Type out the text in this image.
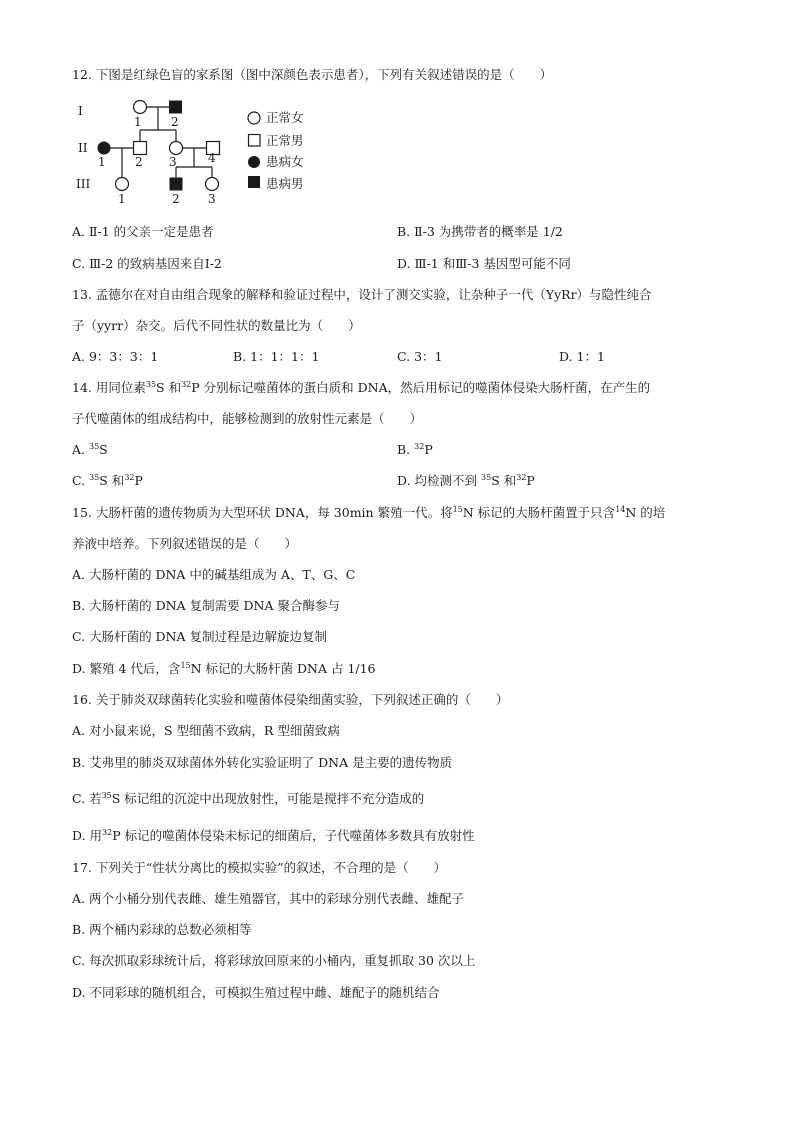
12. 下图是红绿色盲的家系图（图中深颜色表示患者），下列有关叙述错误的是（　　）
I
II
III
1 2
1 2 3	4
1	2 3
正常女
正常男
患病女
患病男
A. Ⅱ-1 的父亲一定是患者	B. Ⅱ-3 为携带者的概率是 1/2
C. Ⅲ-2 的致病基因来自Ⅰ-2	D. Ⅲ-1 和Ⅲ-3 基因型可能不同
13. 孟德尔在对自由组合现象的解释和验证过程中，设计了测交实验，让杂种子一代（YyRr）与隐性纯合
子（yyrr）杂交。后代不同性状的数量比为（　　）
A. 9：3：3：1	B. 1：1：1：1	C. 3：1	D. 1：1
14. 用同位素$^{35}$S 和$^{32}$P 分别标记噬菌体的蛋白质和 DNA，然后用标记的噬菌体侵染大肠杆菌，在产生的
子代噬菌体的组成结构中，能够检测到的放射性元素是（　　）
A. $^{35}$S	B. $^{32}$P
C. $^{35}$S 和$^{32}$P	D. 均检测不到 $^{35}$S 和$^{32}$P
15. 大肠杆菌的遗传物质为大型环状 DNA，每 30min 繁殖一代。将$^{15}$N 标记的大肠杆菌置于只含$^{14}$N 的培
养液中培养。下列叙述错误的是（　　）
A. 大肠杆菌的 DNA 中的碱基组成为 A、T、G、C
B. 大肠杆菌的 DNA 复制需要 DNA 聚合酶参与
C. 大肠杆菌的 DNA 复制过程是边解旋边复制
D. 繁殖 4 代后，含$^{15}$N 标记的大肠杆菌 DNA 占 1/16
16. 关于肺炎双球菌转化实验和噬菌体侵染细菌实验，下列叙述正确的（　　）
A. 对小鼠来说，S 型细菌不致病，R 型细菌致病
B. 艾弗里的肺炎双球菌体外转化实验证明了 DNA 是主要的遗传物质
C. 若$^{35}$S 标记组的沉淀中出现放射性，可能是搅拌不充分造成的
D. 用$^{32}$P 标记的噬菌体侵染未标记的细菌后，子代噬菌体多数具有放射性
17. 下列关于“性状分离比的模拟实验”的叙述，不合理的是（　　）
A. 两个小桶分别代表雌、雄生殖器官，其中的彩球分别代表雌、雄配子
B. 两个桶内彩球的总数必须相等
C. 每次抓取彩球统计后，将彩球放回原来的小桶内，重复抓取 30 次以上
D. 不同彩球的随机组合，可模拟生殖过程中雌、雄配子的随机结合
